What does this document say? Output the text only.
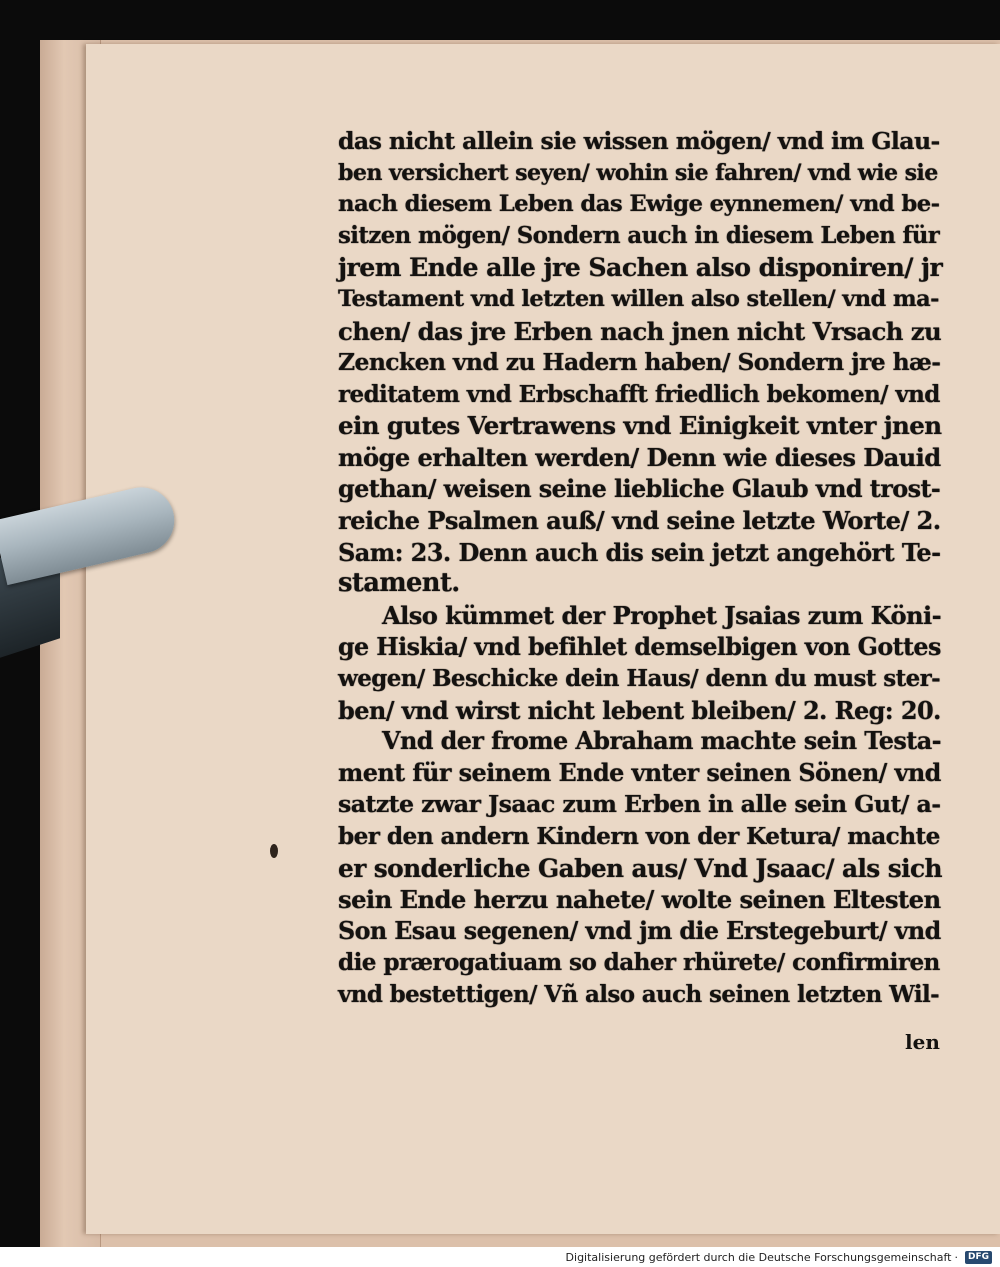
das nicht allein sie wissen mögen/ vnd im Glau-
ben versichert seyen/ wohin sie fahren/ vnd wie sie
nach diesem Leben das Ewige eynnemen/ vnd be-
sitzen mögen/ Sondern auch in diesem Leben für
jrem Ende alle jre Sachen also disponiren/ jr
Testament vnd letzten willen also stellen/ vnd ma-
chen/ das jre Erben nach jnen nicht Vrsach zu
Zencken vnd zu Hadern haben/ Sondern jre hæ-
reditatem vnd Erbschafft friedlich bekomen/ vnd
ein gutes Vertrawens vnd Einigkeit vnter jnen
möge erhalten werden/ Denn wie dieses Dauid
gethan/ weisen seine liebliche Glaub vnd trost-
reiche Psalmen auß/ vnd seine letzte Worte/ 2.
Sam: 23. Denn auch dis sein jetzt angehört Te-
stament.
Also kümmet der Prophet Jsaias zum Köni-
ge Hiskia/ vnd befihlet demselbigen von Gottes
wegen/ Beschicke dein Haus/ denn du must ster-
ben/ vnd wirst nicht lebent bleiben/ 2. Reg: 20.
Vnd der frome Abraham machte sein Testa-
ment für seinem Ende vnter seinen Sönen/ vnd
satzte zwar Jsaac zum Erben in alle sein Gut/ a-
ber den andern Kindern von der Ketura/ machte
er sonderliche Gaben aus/ Vnd Jsaac/ als sich
sein Ende herzu nahete/ wolte seinen Eltesten
Son Esau segenen/ vnd jm die Erstegeburt/ vnd
die prærogatiuam so daher rhürete/ confirmiren
vnd bestettigen/ Vñ also auch seinen letzten Wil-
len
Digitalisierung gefördert durch die Deutsche Forschungsgemeinschaft ·	DFG
